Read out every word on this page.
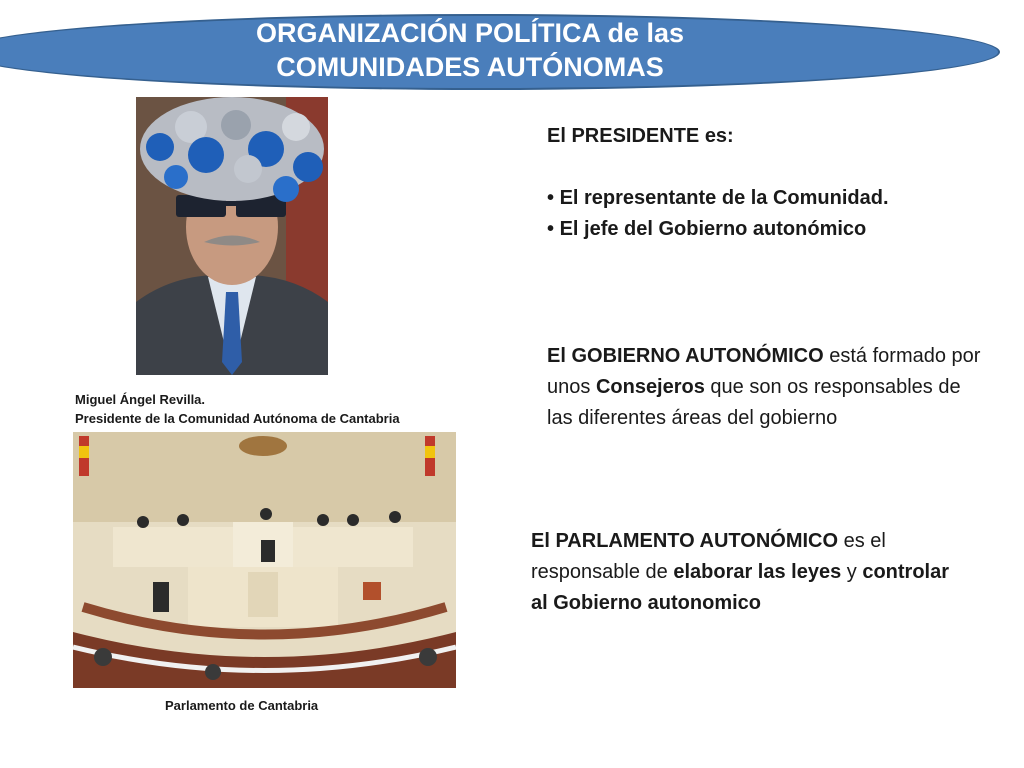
ORGANIZACIÓN POLÍTICA de las
COMUNIDADES AUTÓNOMAS
Miguel Ángel Revilla.
Presidente de la Comunidad Autónoma de Cantabria
Parlamento de Cantabria
El PRESIDENTE es:
• El representante de la Comunidad.
• El jefe del Gobierno autonómico
El GOBIERNO AUTONÓMICO está formado por unos Consejeros que son os responsables de las diferentes áreas del gobierno
El PARLAMENTO AUTONÓMICO es el responsable de elaborar las leyes y controlar al Gobierno autonomico
